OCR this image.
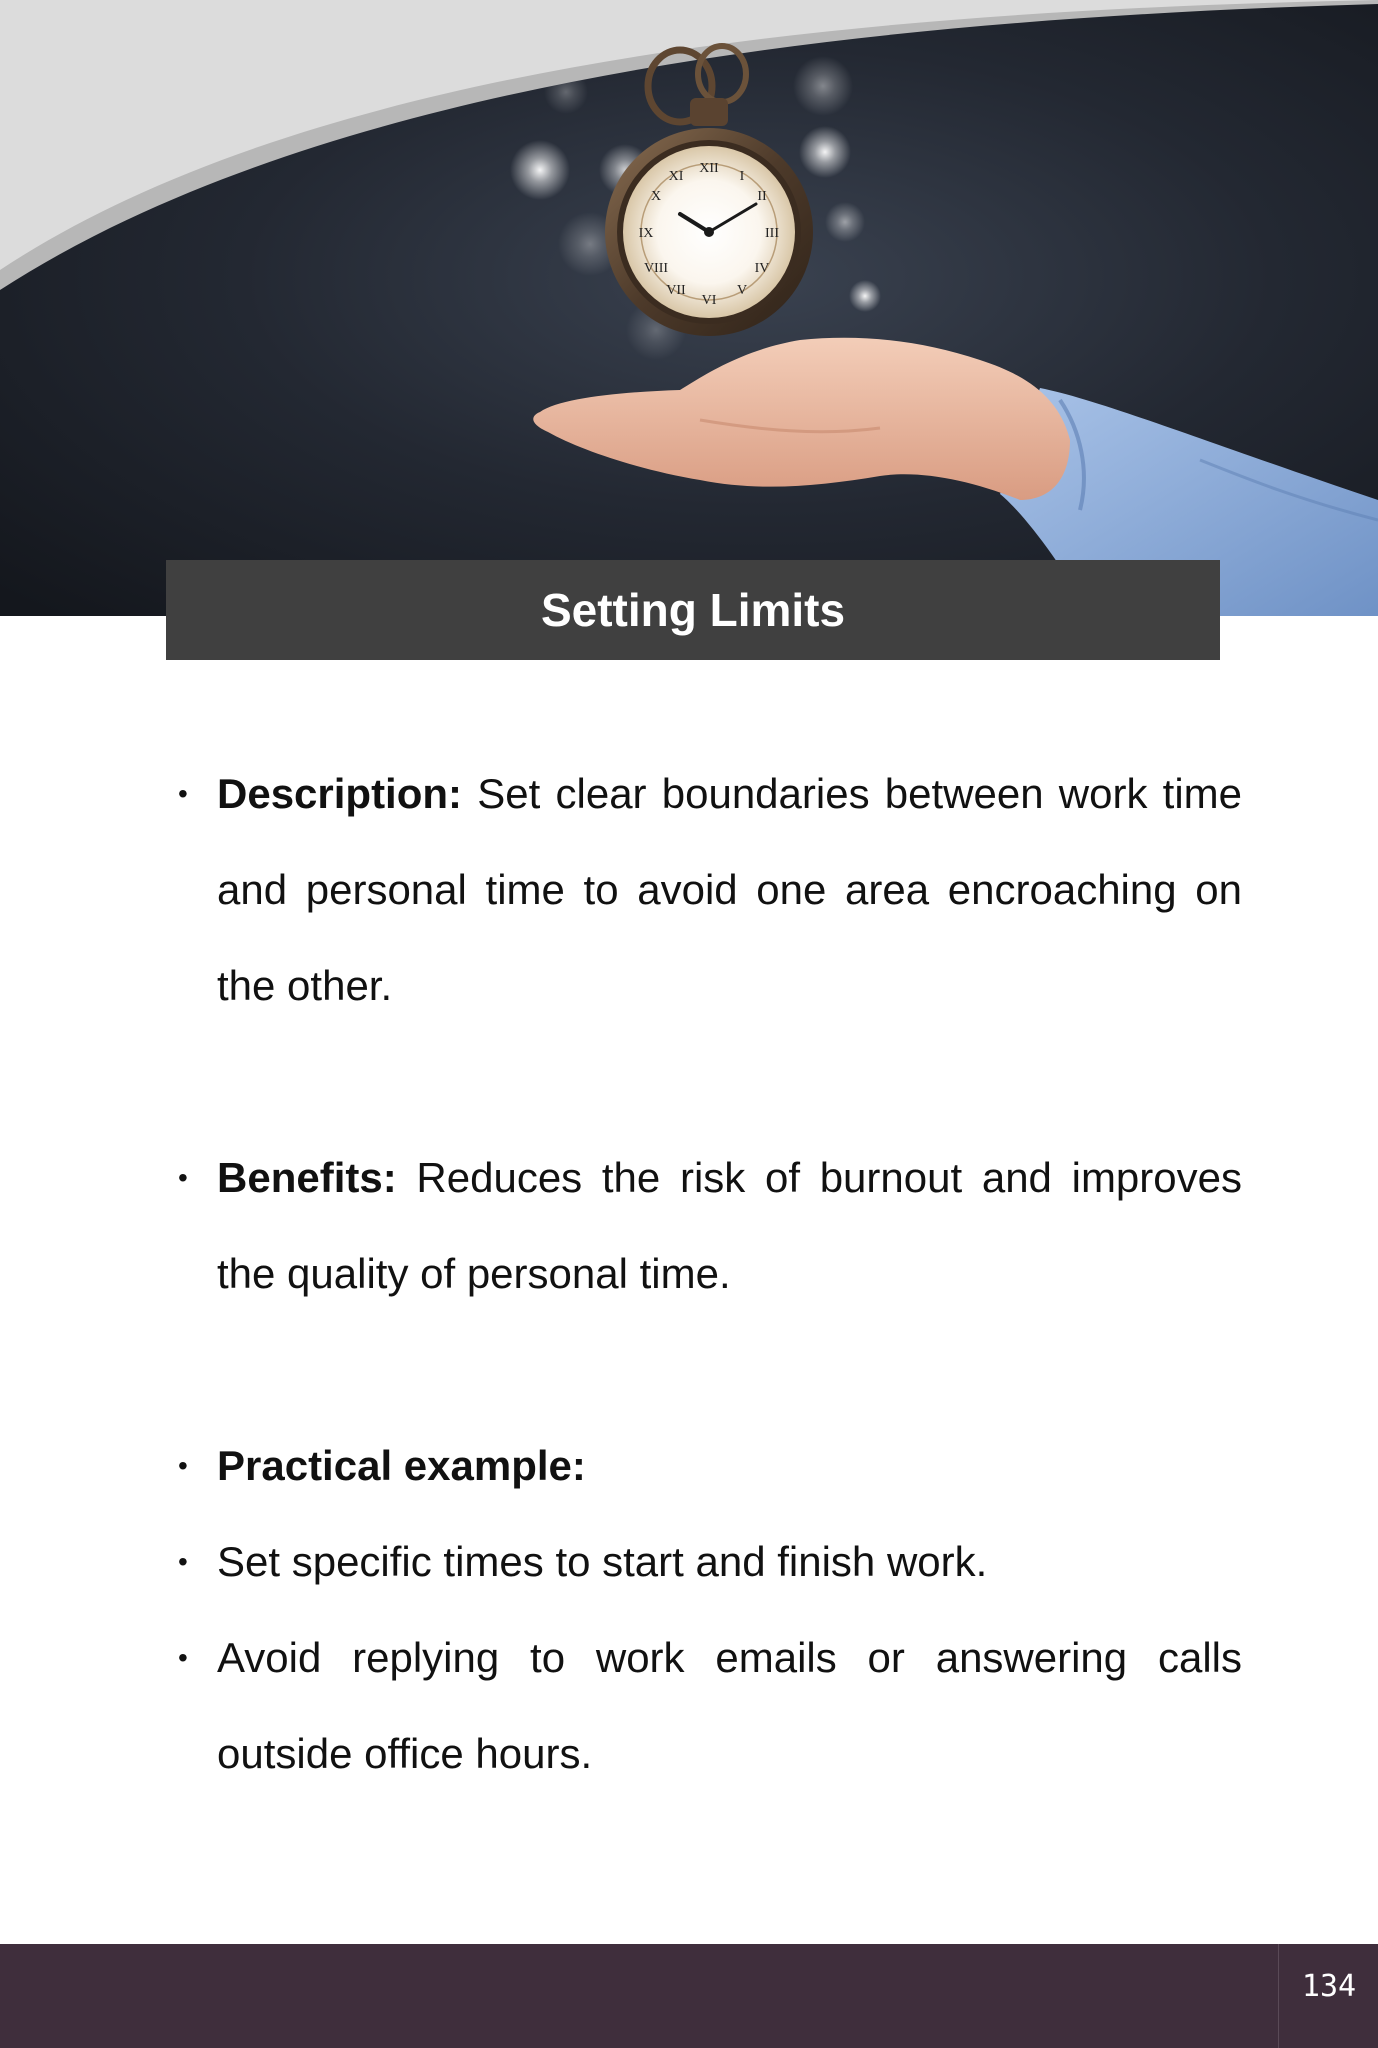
XII
I
II
III
IV
V
VI
VII
VIII
IX
X
XI
Setting Limits
• Description: Set clear boundaries between work time and personal time to avoid one area encroaching on the other.
• Benefits: Reduces the risk of burnout and improves the quality of personal time.
• Practical example:
• Set specific times to start and finish work.
• Avoid replying to work emails or answering calls outside office hours.
134
